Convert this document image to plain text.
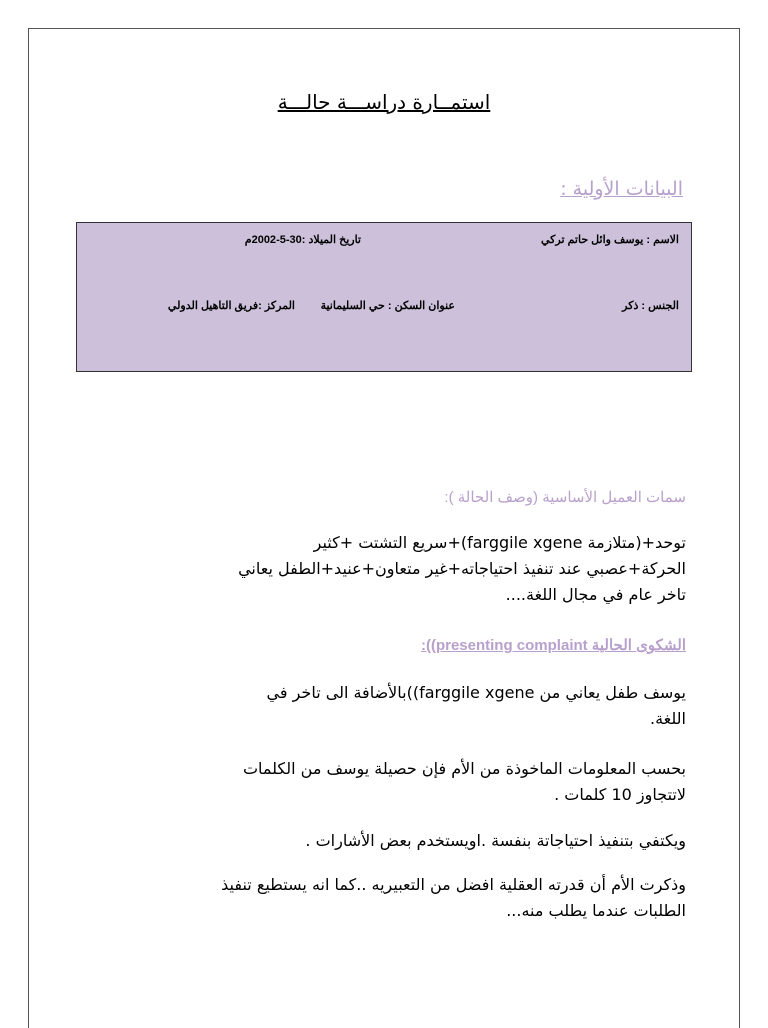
استمــارة دراســـة حالـــة
البيانات الأولية :
الاسم : يوسف وائل حاتم تركي
تاريخ الميلاد :30-5-2002م
الجنس : ذكر
عنوان السكن : حي السليمانية
المركز :فريق التاهيل الدولي
سمات العميل الأساسية (وصف الحالة ):
توحد+(متلازمة farggile xgene)+سريع التشتت +كثير
الحركة+عصبي عند تنفيذ احتياجاته+غير متعاون+عنيد+الطفل يعاني
تاخر عام في مجال اللغة....
الشكوى الحالية presenting complaint)):
يوسف طفل يعاني من farggile xgene))بالأضافة الى تاخر في
اللغة.
بحسب المعلومات الماخوذة من الأم فإن حصيلة يوسف من الكلمات
لاتتجاوز 10 كلمات .
ويكتفي بتنفيذ احتياجاتة بنفسة .اويستخدم بعض الأشارات .
وذكرت الأم أن قدرته العقلية افضل من التعبيريه ..كما انه يستطيع تنفيذ
الطلبات عندما يطلب منه...
